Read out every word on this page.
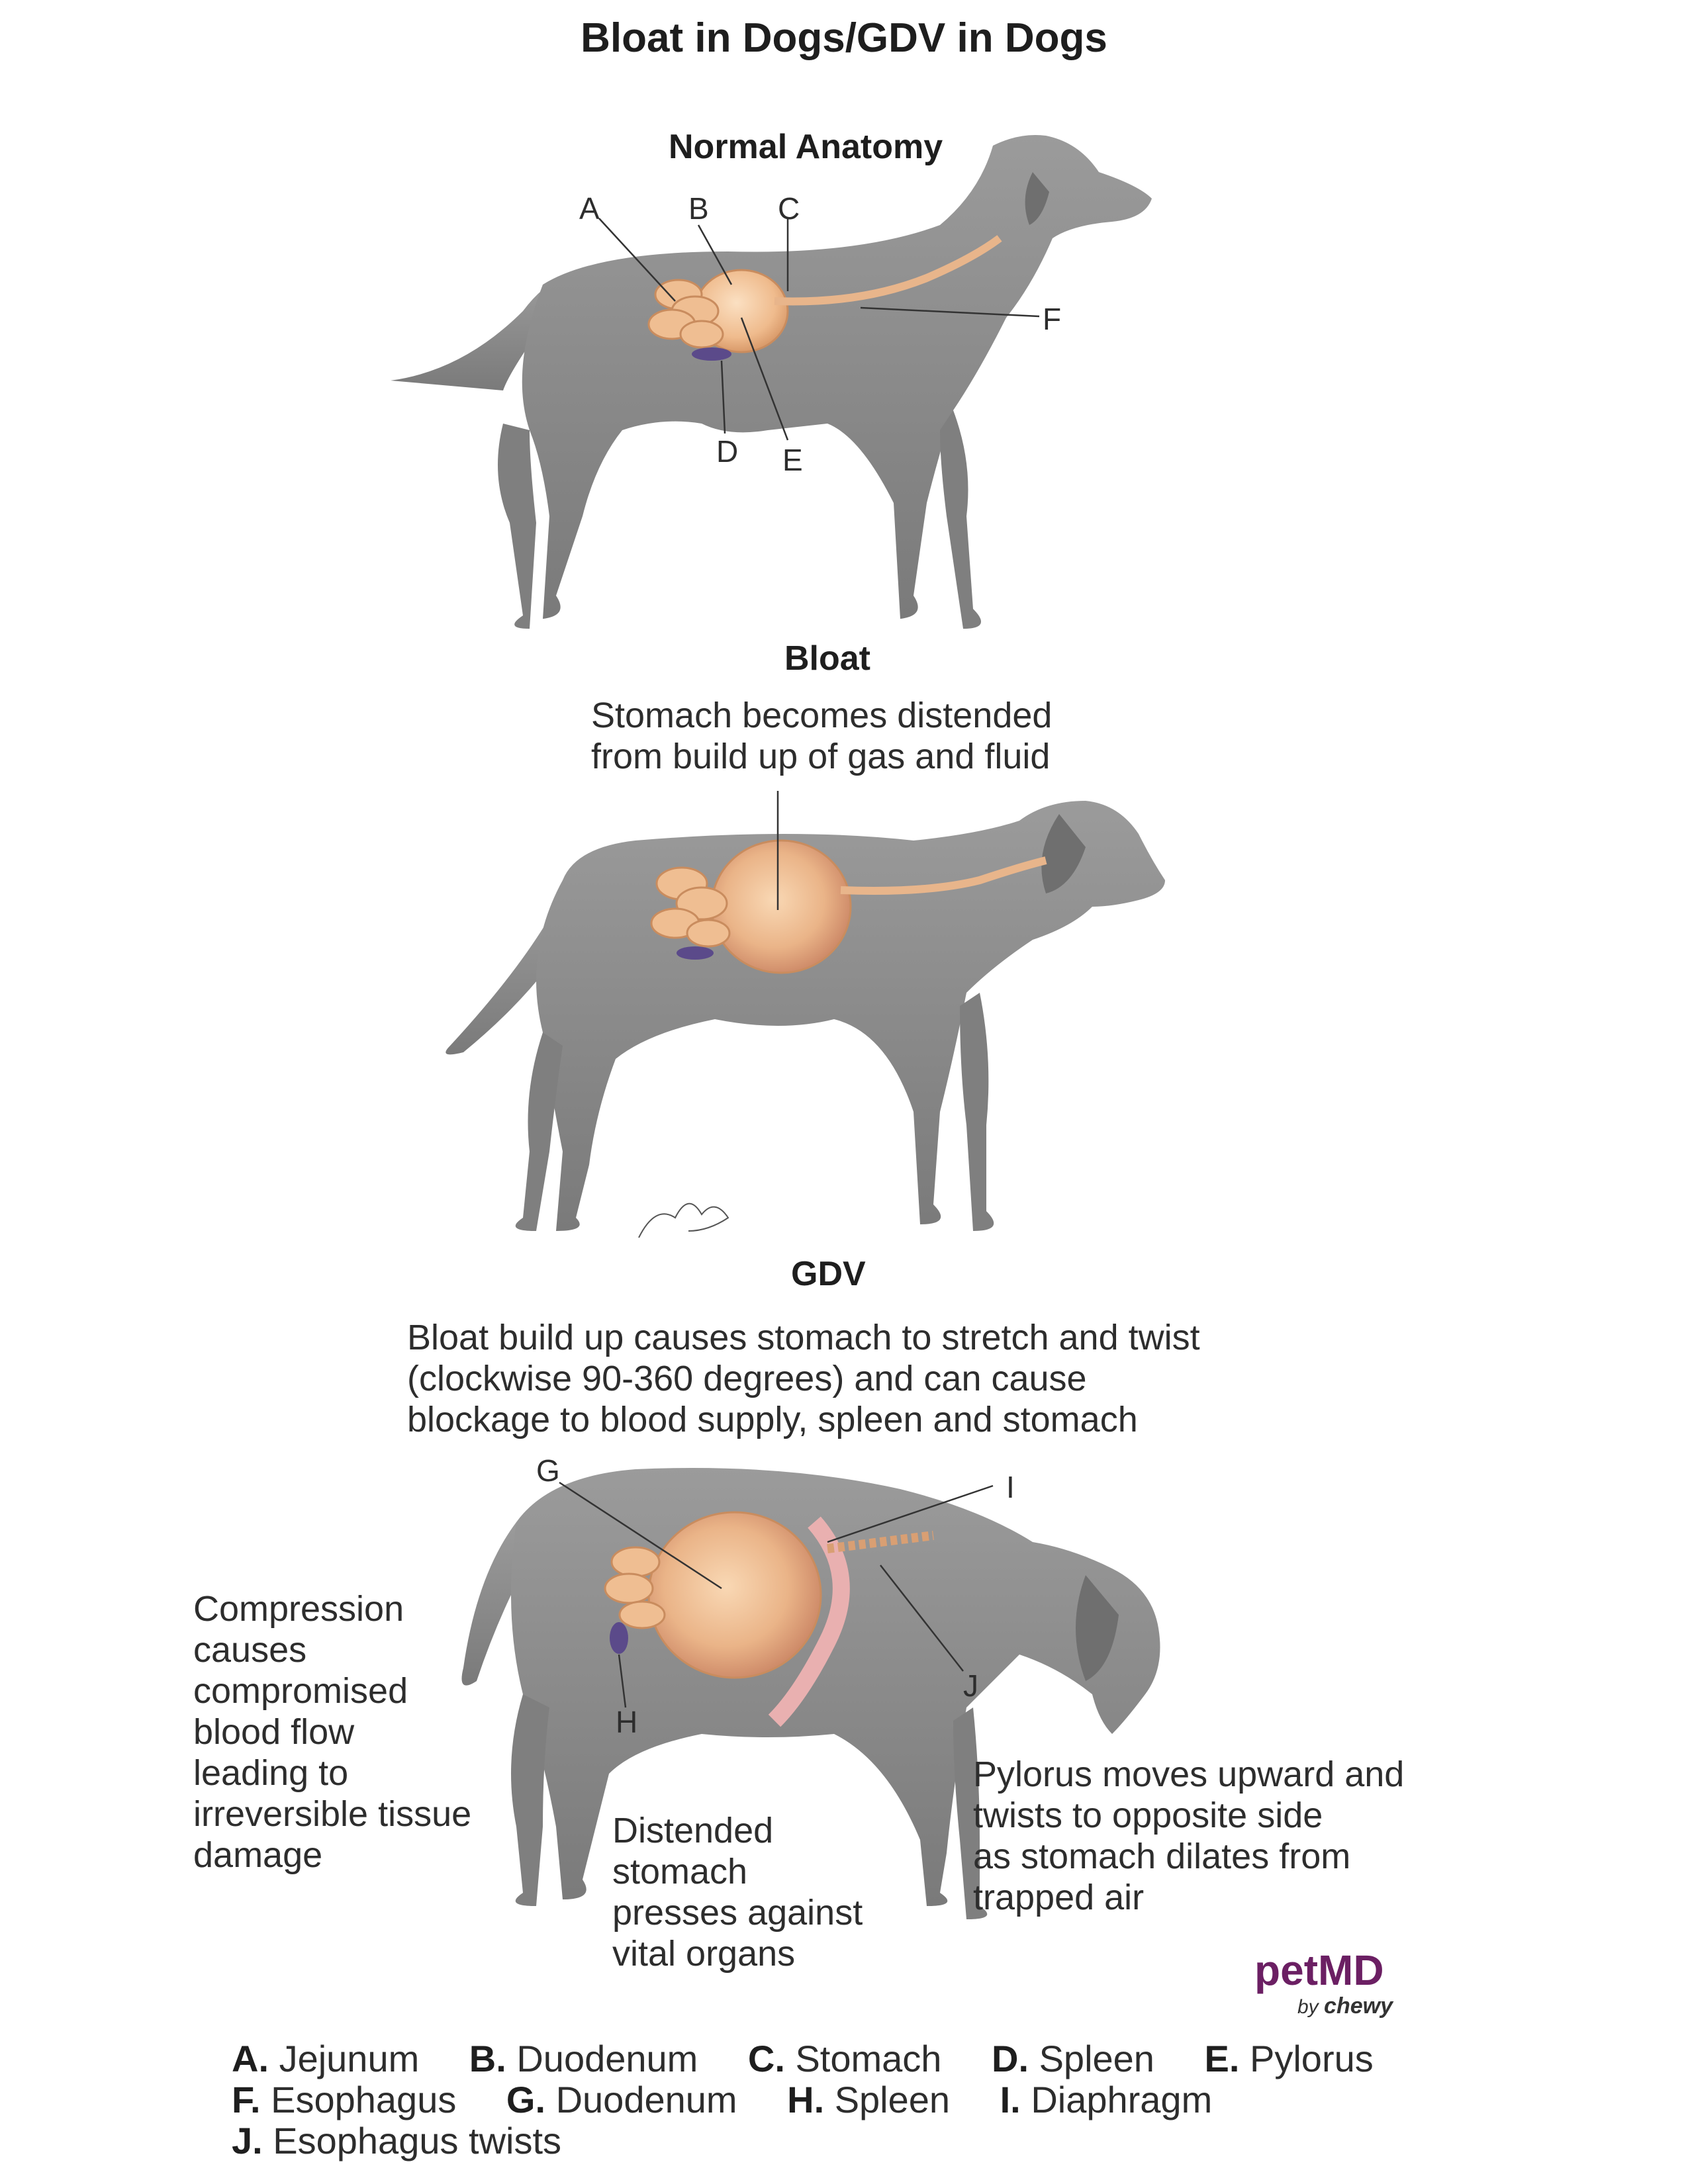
Bloat in Dogs/GDV in Dogs
Normal Anatomy
Bloat
GDV
Stomach becomes distended
from build up of gas and fluid
Bloat build up causes stomach to stretch and twist
(clockwise 90-360 degrees) and can cause
blockage to blood supply, spleen and stomach
A	B C
D E
F
G
H
I
J
Compression
causes
compromised
blood flow
leading to
irreversible tissue
damage
Distended
stomach
presses against
vital organs
Pylorus moves upward and
twists to opposite side
as stomach dilates from
trapped air
petMD
by chewy
A. Jejunum B. Duodenum C. Stomach D. Spleen E. Pylorus
F. Esophagus G. Duodenum H. Spleen I. Diaphragm
J. Esophagus twists
